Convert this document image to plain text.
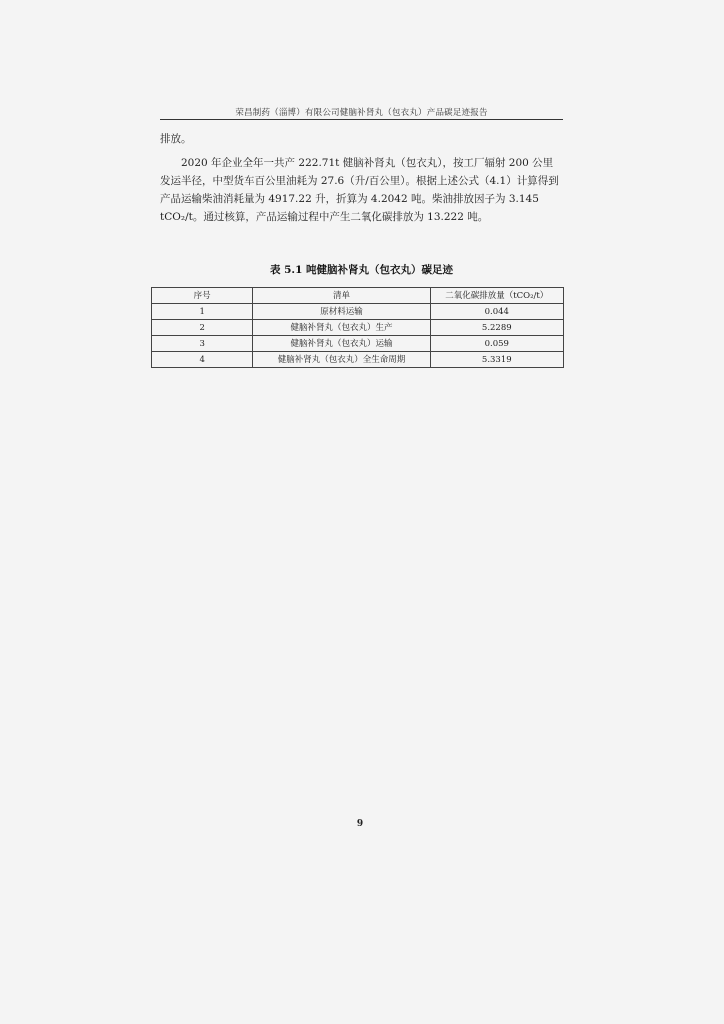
荣昌制药（淄博）有限公司健脑补肾丸（包衣丸）产品碳足迹报告
排放。
2020 年企业全年一共产 222.71t 健脑补肾丸（包衣丸），按工厂辐射 200 公里发运半径，中型货车百公里油耗为 27.6（升/百公里）。根据上述公式（4.1）计算得到产品运输柴油消耗量为 4917.22 升，折算为 4.2042 吨。柴油排放因子为 3.145 tCO₂/t。通过核算，产品运输过程中产生二氧化碳排放为 13.222 吨。
表 5.1 吨健脑补肾丸（包衣丸）碳足迹
序号	清单	二氧化碳排放量（tCO₂/t）
1	原材料运输	0.044
2	健脑补肾丸（包衣丸）生产	5.2289
3	健脑补肾丸（包衣丸）运输	0.059
4	健脑补肾丸（包衣丸）全生命周期	5.3319
9
